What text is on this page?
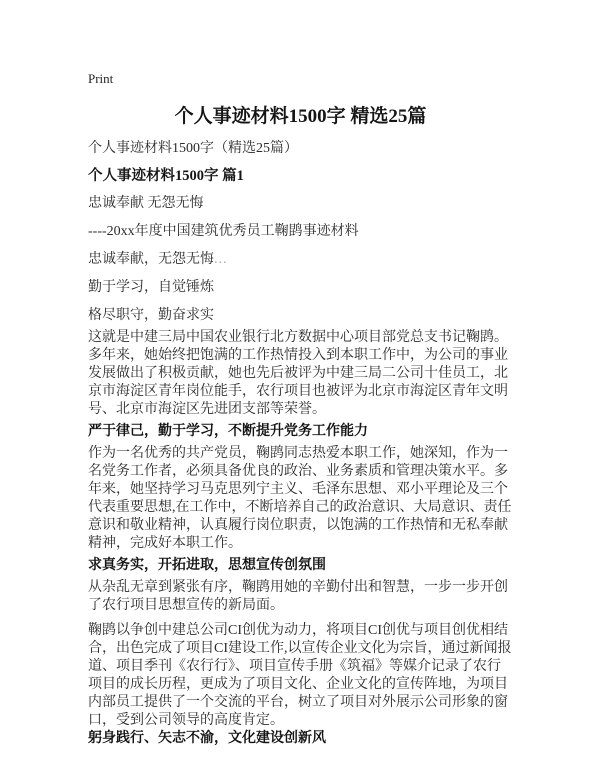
Print
个人事迹材料1500字 精选25篇
个人事迹材料1500字（精选25篇）
个人事迹材料1500字 篇1

忠诚奉献 无怨无悔

----20xx年度中国建筑优秀员工鞠鹍事迹材料

忠诚奉献，无怨无悔...

勤于学习，自觉锤炼

格尽职守，勤奋求实

这就是中建三局中国农业银行北方数据中心项目部党总支书记鞠鹍。　多年来，她始终把饱满的工作热情投入到本职工作中，为公司的事业发展做出了积极贡献，她也先后被评为中建三局二公司十佳员工，北京市海淀区青年岗位能手，农行项目也被评为北京市海淀区青年文明号、北京市海淀区先进团支部等荣誉。

严于律己，勤于学习，不断提升党务工作能力

作为一名优秀的共产党员，鞠鹍同志热爱本职工作，她深知，作为一名党务工作者，必须具备优良的政治、业务素质和管理决策水平。多年来，她坚持学习马克思列宁主义、毛泽东思想、邓小平理论及三个代表重要思想,在工作中，不断培养自己的政治意识、大局意识、责任意识和敬业精神，认真履行岗位职责，以饱满的工作热情和无私奉献精神，完成好本职工作。

求真务实，开拓进取，思想宣传创氛围

从杂乱无章到紧张有序，鞠鹍用她的辛勤付出和智慧，一步一步开创了农行项目思想宣传的新局面。

鞠鹍以争创中建总公司CI创优为动力，将项目CI创优与项目创优相结合，出色完成了项目CI建设工作,以宣传企业文化为宗旨，通过新闻报道、项目季刊《农行行》、项目宣传手册《筑福》等媒介记录了农行项目的成长历程，更成为了项目文化、企业文化的宣传阵地，为项目内部员工提供了一个交流的平台，树立了项目对外展示公司形象的窗口，受到公司领导的高度肯定。

躬身践行、矢志不渝，文化建设创新风
